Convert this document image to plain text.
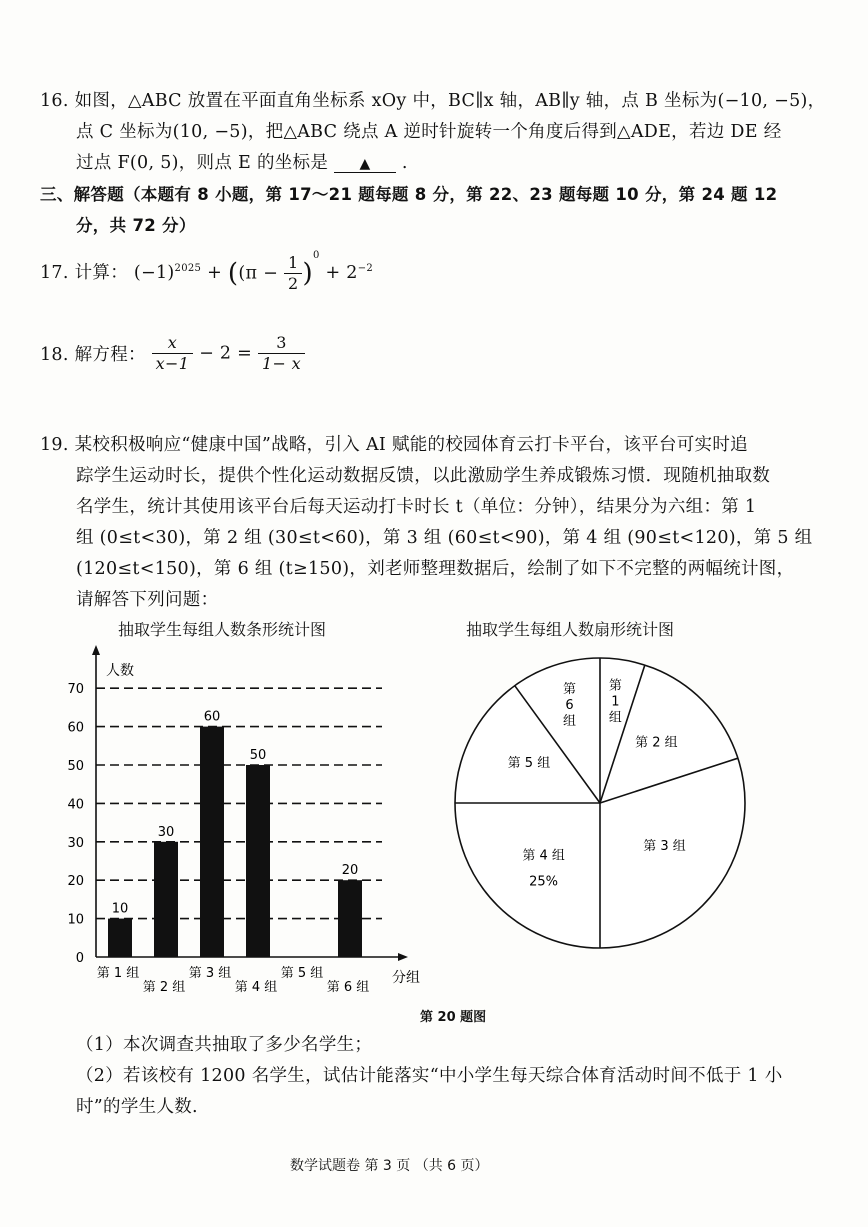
16. 如图，△ABC 放置在平面直角坐标系 xOy 中，BC∥x 轴，AB∥y 轴，点 B 坐标为(−10, −5)，
点 C 坐标为(10, −5)，把△ABC 绕点 A 逆时针旋转一个角度后得到△ADE，若边 DE 经
过点 F(0, 5)，则点 E 的坐标是 ▲ .
三、解答题（本题有 8 小题，第 17～21 题每题 8 分，第 22、23 题每题 10 分，第 24 题 12
分，共 72 分）
17. 计算： $(-1)^{2025} + ((\pi - \frac{1}{2} )^0 + 2^{-2}$
18. 解方程： $\frac{x}{x-1} - 2 = \frac{3}{1- x}$
19. 某校积极响应“健康中国”战略，引入 AI 赋能的校园体育云打卡平台，该平台可实时追
踪学生运动时长，提供个性化运动数据反馈，以此激励学生养成锻炼习惯．现随机抽取数
名学生，统计其使用该平台后每天运动打卡时长 t（单位：分钟），结果分为六组：第 1
组 (0≤t<30)，第 2 组 (30≤t<60)，第 3 组 (60≤t<90)，第 4 组 (90≤t<120)，第 5 组
(120≤t<150)，第 6 组 (t≥150)，刘老师整理数据后，绘制了如下不完整的两幅统计图，
请解答下列问题：
抽取学生每组人数条形统计图	抽取学生每组人数扇形统计图
0
10
20
30
40
50
60
70
人数
分组
10
第 1 组
30
第 2 组
60
第 3 组
50
第 4 组
第 5 组
20
第 6 组
第
1
组
第 2 组
第 3 组
第 4 组
25%
第 5 组
第
6
组
第 20 题图
（1）本次调查共抽取了多少名学生；
（2）若该校有 1200 名学生，试估计能落实“中小学生每天综合体育活动时间不低于 1 小
时”的学生人数.
数学试题卷 第 3 页 （共 6 页）
